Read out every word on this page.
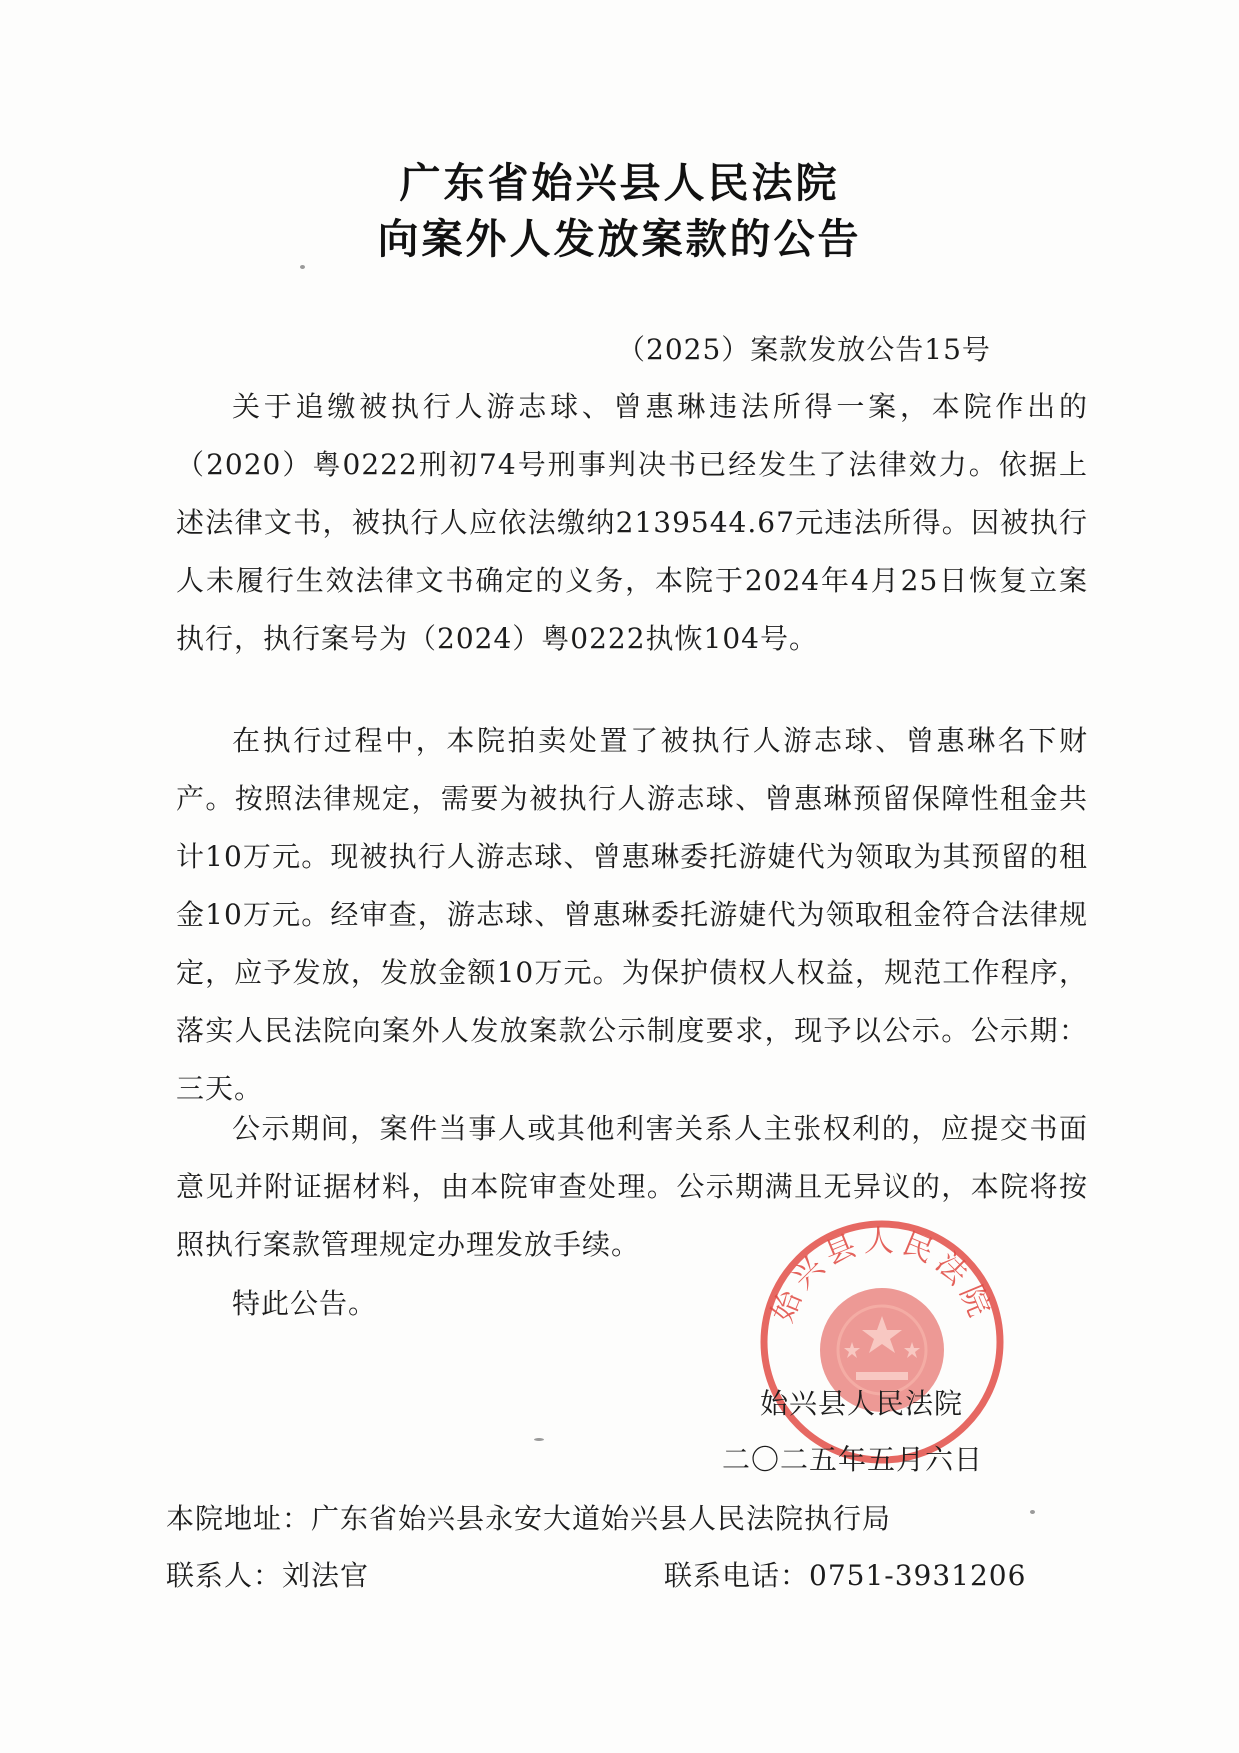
广东省始兴县人民法院
向案外人发放案款的公告
（2025）案款发放公告15号

关于追缴被执行人游志球、曾惠琳违法所得一案，本院作出的（2020）粤0222刑初74号刑事判决书已经发生了法律效力。依据上述法律文书，被执行人应依法缴纳2139544.67元违法所得。因被执行人未履行生效法律文书确定的义务，本院于2024年4月25日恢复立案执行，执行案号为（2024）粤0222执恢104号。

在执行过程中，本院拍卖处置了被执行人游志球、曾惠琳名下财产。按照法律规定，需要为被执行人游志球、曾惠琳预留保障性租金共计10万元。现被执行人游志球、曾惠琳委托游婕代为领取为其预留的租金10万元。经审查，游志球、曾惠琳委托游婕代为领取租金符合法律规定，应予发放，发放金额10万元。为保护债权人权益，规范工作程序，落实人民法院向案外人发放案款公示制度要求，现予以公示。公示期：三天。

公示期间，案件当事人或其他利害关系人主张权利的，应提交书面意见并附证据材料，由本院审查处理。公示期满且无异议的，本院将按照执行案款管理规定办理发放手续。

特此公告。	始兴县人民法院
始兴县人民法院
二〇二五年五月六日
本院地址：广东省始兴县永安大道始兴县人民法院执行局
联系人：刘法官	联系电话：0751-3931206
